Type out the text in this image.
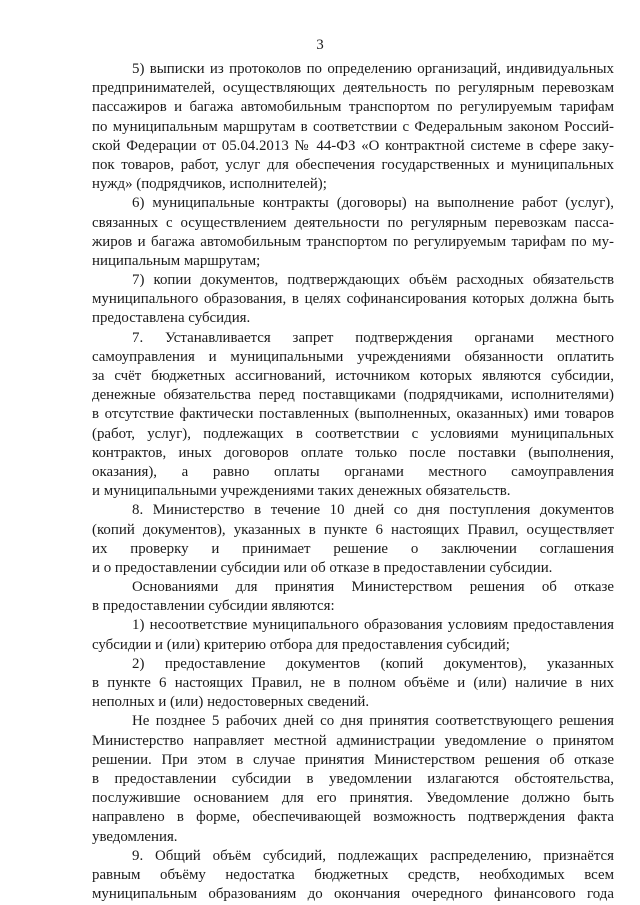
3
5) выписки из протоколов по определению организаций, индивидуальных
предпринимателей, осуществляющих деятельность по регулярным перевозкам
пассажиров и багажа автомобильным транспортом по регулируемым тарифам
по муниципальным маршрутам в соответствии с Федеральным законом Россий-
ской Федерации от 05.04.2013 № 44-ФЗ «О контрактной системе в сфере заку-
пок товаров, работ, услуг для обеспечения государственных и муниципальных
нужд» (подрядчиков, исполнителей);
6) муниципальные контракты (договоры) на выполнение работ (услуг),
связанных с осуществлением деятельности по регулярным перевозкам пасса-
жиров и багажа автомобильным транспортом по регулируемым тарифам по му-
ниципальным маршрутам;
7) копии документов, подтверждающих объём расходных обязательств
муниципального образования, в целях софинансирования которых должна быть
предоставлена субсидия.
7. Устанавливается запрет подтверждения органами местного
самоуправления и муниципальными учреждениями обязанности оплатить
за счёт бюджетных ассигнований, источником которых являются субсидии,
денежные обязательства перед поставщиками (подрядчиками, исполнителями)
в отсутствие фактически поставленных (выполненных, оказанных) ими товаров
(работ, услуг), подлежащих в соответствии с условиями муниципальных
контрактов, иных договоров оплате только после поставки (выполнения,
оказания), а равно оплаты органами местного самоуправления
и муниципальными учреждениями таких денежных обязательств.
8. Министерство в течение 10 дней со дня поступления документов
(копий документов), указанных в пункте 6 настоящих Правил, осуществляет
их проверку и принимает решение о заключении соглашения
и о предоставлении субсидии или об отказе в предоставлении субсидии.
Основаниями для принятия Министерством решения об отказе
в предоставлении субсидии являются:
1) несоответствие муниципального образования условиям предоставления
субсидии и (или) критерию отбора для предоставления субсидий;
2) предоставление документов (копий документов), указанных
в пункте 6 настоящих Правил, не в полном объёме и (или) наличие в них
неполных и (или) недостоверных сведений.
Не позднее 5 рабочих дней со дня принятия соответствующего решения
Министерство направляет местной администрации уведомление о принятом
решении. При этом в случае принятия Министерством решения об отказе
в предоставлении субсидии в уведомлении излагаются обстоятельства,
послужившие основанием для его принятия. Уведомление должно быть
направлено в форме, обеспечивающей возможность подтверждения факта
уведомления.
9. Общий объём субсидий, подлежащих распределению, признаётся
равным объёму недостатка бюджетных средств, необходимых всем
муниципальным образованиям до окончания очередного финансового года
